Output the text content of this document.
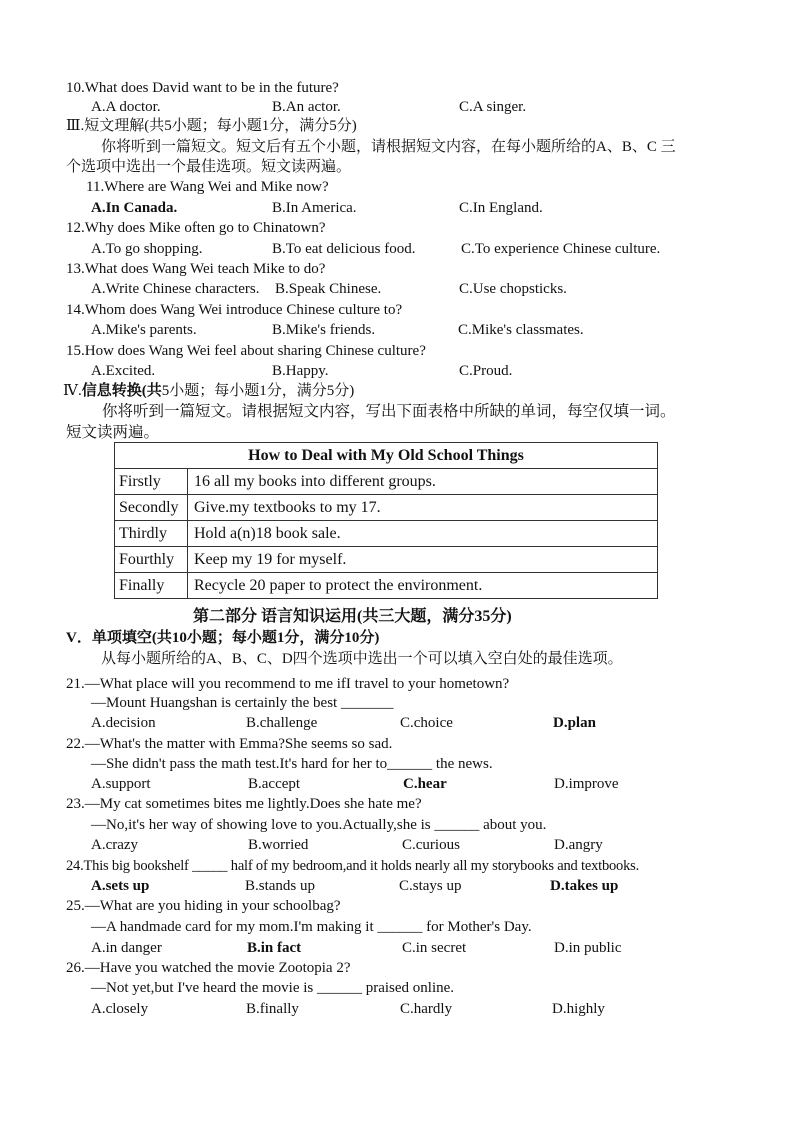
10.What does David want to be in the future?
A.A doctor.	B.An actor.	C.A singer.
Ⅲ.短文理解(共5小题；每小题1分，满分5分)
你将听到一篇短文。短文后有五个小题，请根据短文内容，在每小题所给的A、B、C 三
个选项中选出一个最佳选项。短文读两遍。
11.Where are Wang Wei and Mike now?
A.In Canada.	B.In America.	C.In England.
12.Why does Mike often go to Chinatown?
A.To go shopping.	B.To eat delicious food.	C.To experience Chinese culture.
13.What does Wang Wei teach Mike to do?
A.Write Chinese characters. B.Speak Chinese.	C.Use chopsticks.
14.Whom does Wang Wei introduce Chinese culture to?
A.Mike's parents.	B.Mike's friends.	C.Mike's classmates.
15.How does Wang Wei feel about sharing Chinese culture?
A.Excited.	B.Happy.	C.Proud.
Ⅳ.信息转换(共5小题；每小题1分，满分5分)
你将听到一篇短文。请根据短文内容，写出下面表格中所缺的单词，每空仅填一词。
短文读两遍。
How to Deal with My Old School Things	
Firstly	16 all my books into different groups.
Secondly	Give.my textbooks to my 17.
Thirdly	Hold a(n)18 book sale.
Fourthly	Keep my 19 for myself.
Finally	Recycle 20 paper to protect the environment.
第二部分 语言知识运用(共三大题，满分35分)
V．单项填空(共10小题；每小题1分，满分10分)
从每小题所给的A、B、C、D四个选项中选出一个可以填入空白处的最佳选项。
21.—What place will you recommend to me ifI travel to your hometown?
—Mount Huangshan is certainly the best _______
A.decision	B.challenge	C.choice	D.plan
22.—What's the matter with Emma?She seems so sad.
—She didn't pass the math test.It's hard for her to______ the news.
A.support	B.accept	C.hear	D.improve
23.—My cat sometimes bites me lightly.Does she hate me?
—No,it's her way of showing love to you.Actually,she is ______ about you.
A.crazy	B.worried	C.curious	D.angry
24.This big bookshelf _____ half of my bedroom,and it holds nearly all my storybooks and textbooks.
A.sets up	B.stands up	C.stays up	D.takes up
25.—What are you hiding in your schoolbag?
—A handmade card for my mom.I'm making it ______ for Mother's Day.
A.in danger	B.in fact	C.in secret	D.in public
26.—Have you watched the movie Zootopia 2?
—Not yet,but I've heard the movie is ______ praised online.
A.closely	B.finally	C.hardly	D.highly
